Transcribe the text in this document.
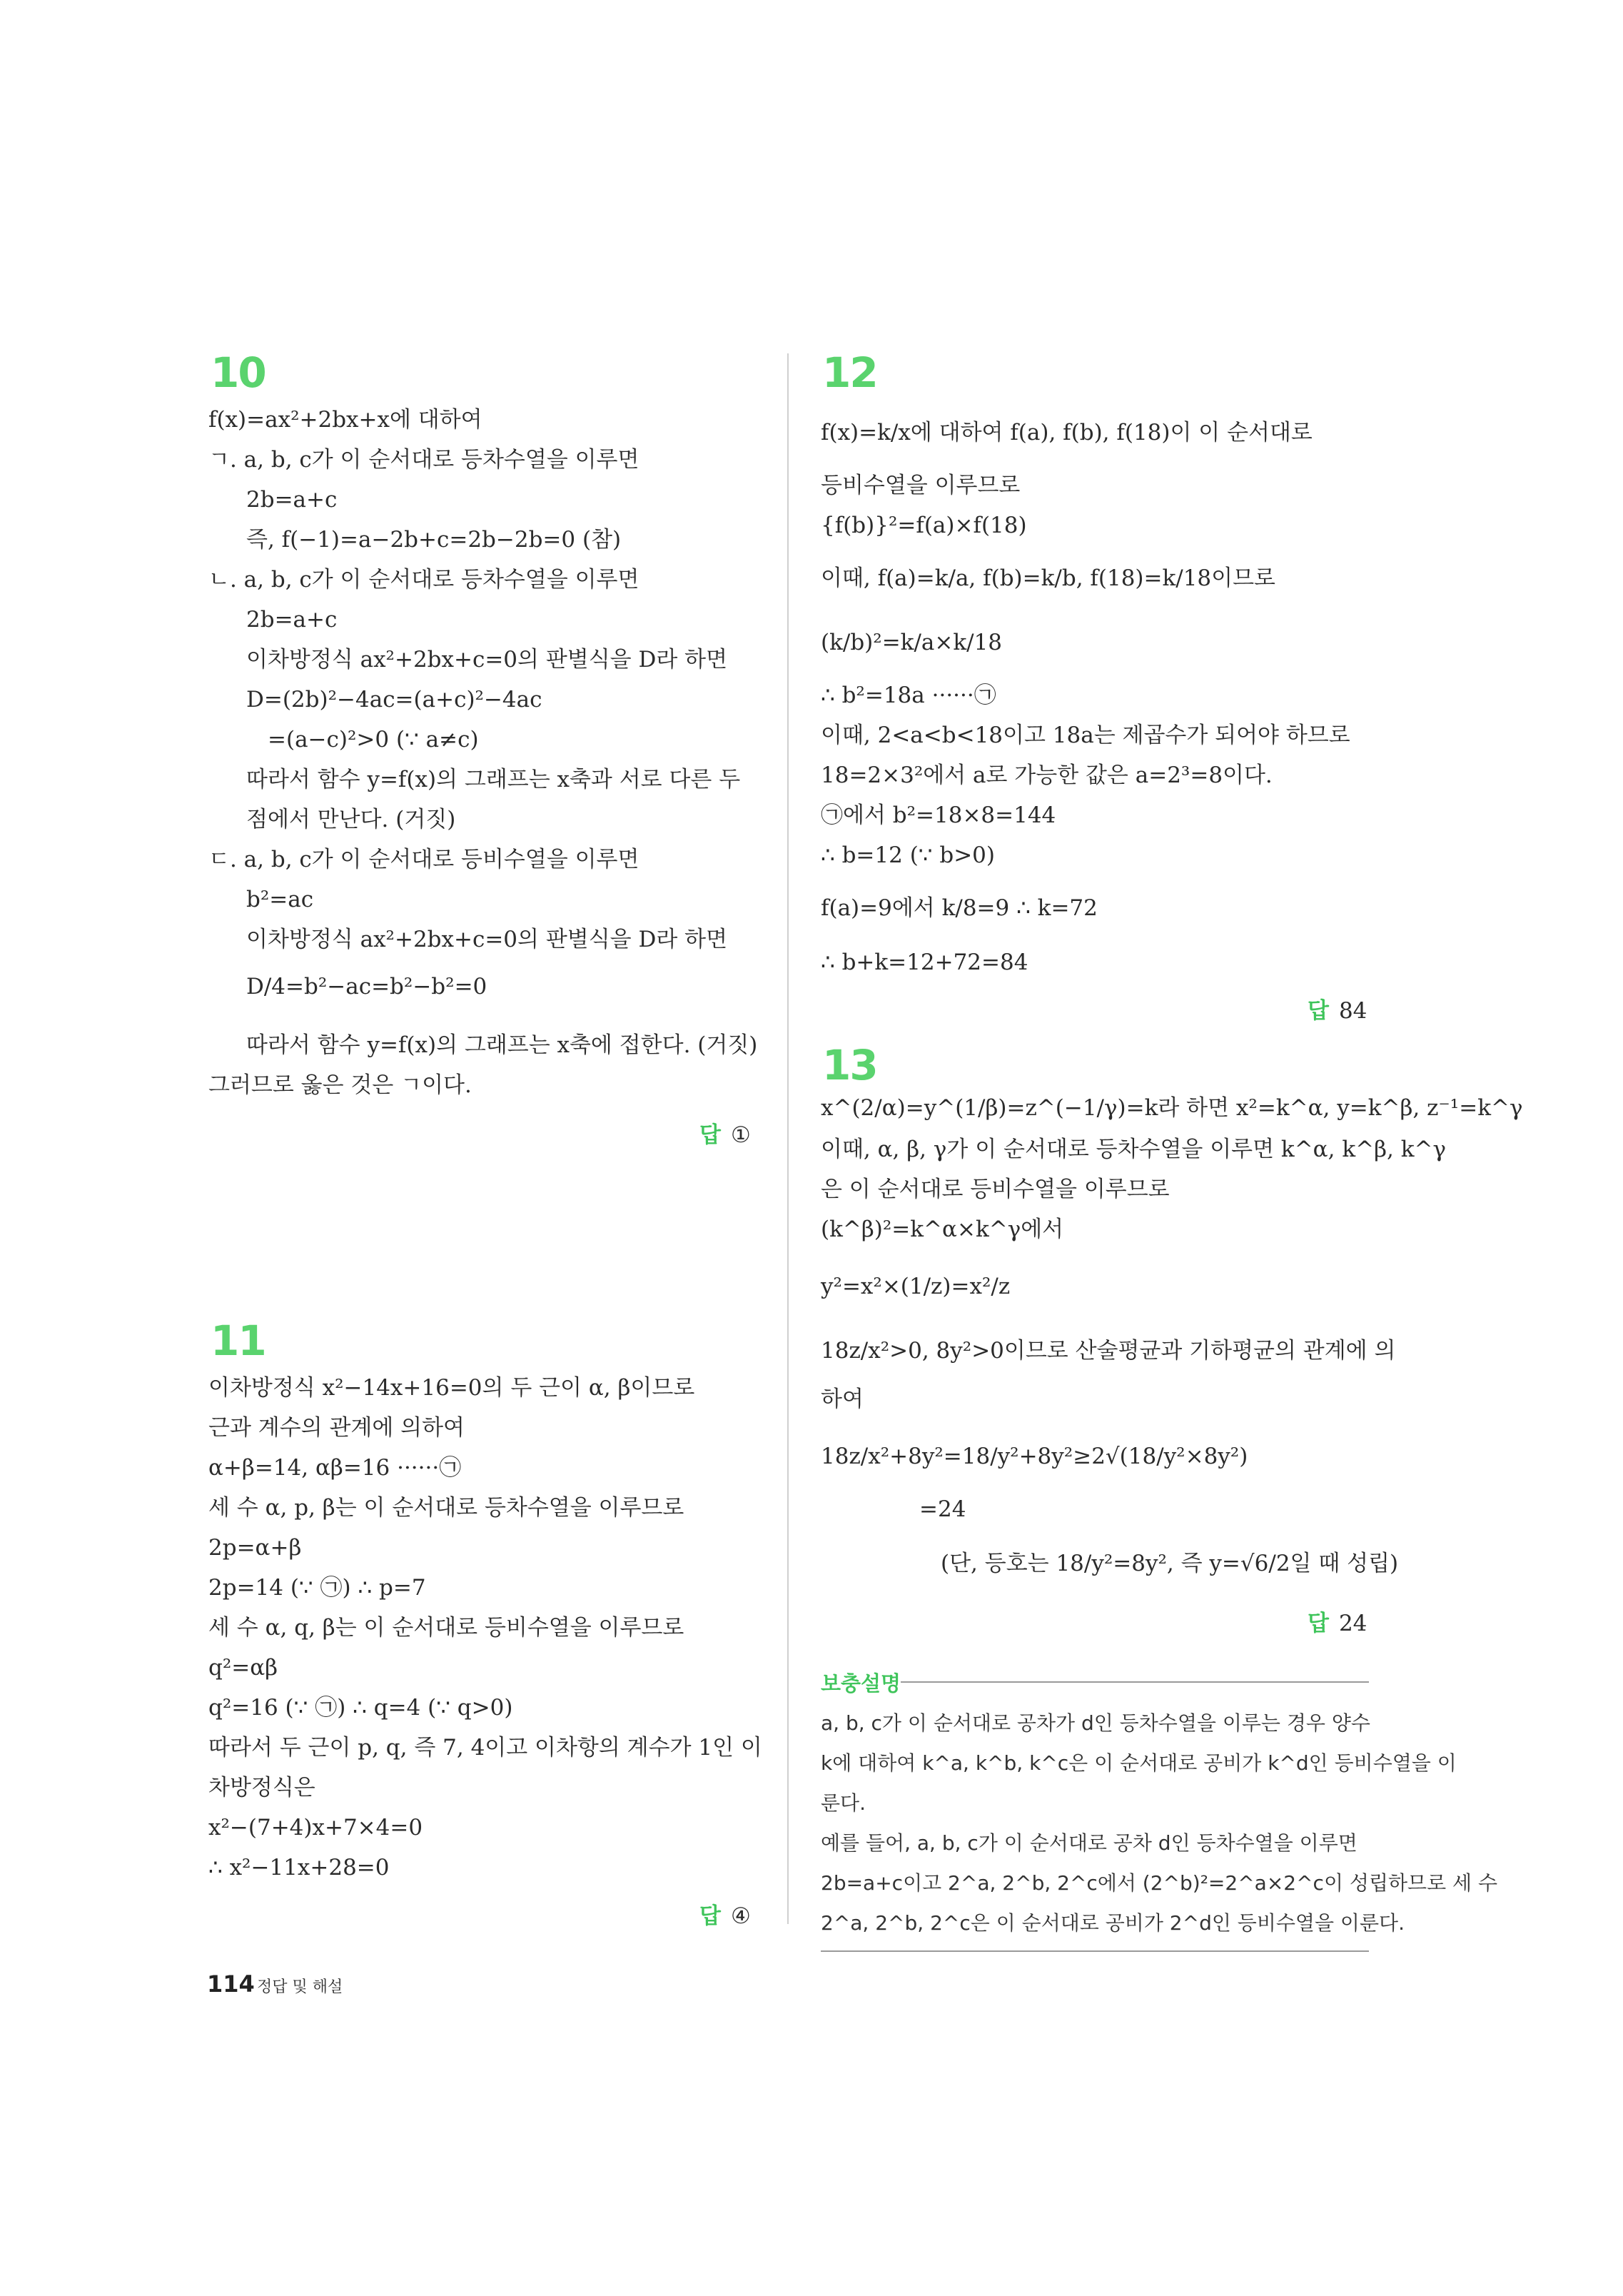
10
f(x)=ax²+2bx+x에 대하여
ㄱ. a, b, c가 이 순서대로 등차수열을 이루면
2b=a+c
즉, f(−1)=a−2b+c=2b−2b=0 (참)
ㄴ. a, b, c가 이 순서대로 등차수열을 이루면
2b=a+c
이차방정식 ax²+2bx+c=0의 판별식을 D라 하면
D=(2b)²−4ac=(a+c)²−4ac
=(a−c)²>0 (∵ a≠c)
따라서 함수 y=f(x)의 그래프는 x축과 서로 다른 두
점에서 만난다. (거짓)
ㄷ. a, b, c가 이 순서대로 등비수열을 이루면
b²=ac
이차방정식 ax²+2bx+c=0의 판별식을 D라 하면
D/4=b²−ac=b²−b²=0
따라서 함수 y=f(x)의 그래프는 x축에 접한다. (거짓)
그러므로 옳은 것은 ㄱ이다.
답 ①
11
이차방정식 x²−14x+16=0의 두 근이 α, β이므로
근과 계수의 관계에 의하여
α+β=14, αβ=16 ······㉠
세 수 α, p, β는 이 순서대로 등차수열을 이루므로
2p=α+β
2p=14 (∵ ㉠) ∴ p=7
세 수 α, q, β는 이 순서대로 등비수열을 이루므로
q²=αβ
q²=16 (∵ ㉠) ∴ q=4 (∵ q>0)
따라서 두 근이 p, q, 즉 7, 4이고 이차항의 계수가 1인 이
차방정식은
x²−(7+4)x+7×4=0
∴ x²−11x+28=0
답 ④
12
f(x)=k/x에 대하여 f(a), f(b), f(18)이 이 순서대로
등비수열을 이루므로
{f(b)}²=f(a)×f(18)
이때, f(a)=k/a, f(b)=k/b, f(18)=k/18이므로
(k/b)²=k/a×k/18
∴ b²=18a ······㉠
이때, 2<a<b<18이고 18a는 제곱수가 되어야 하므로
18=2×3²에서 a로 가능한 값은 a=2³=8이다.
㉠에서 b²=18×8=144
∴ b=12 (∵ b>0)
f(a)=9에서 k/8=9 ∴ k=72
∴ b+k=12+72=84
답 84
13
x^(2/α)=y^(1/β)=z^(−1/γ)=k라 하면 x²=k^α, y=k^β, z⁻¹=k^γ
이때, α, β, γ가 이 순서대로 등차수열을 이루면 k^α, k^β, k^γ
은 이 순서대로 등비수열을 이루므로
(k^β)²=k^α×k^γ에서
y²=x²×(1/z)=x²/z
18z/x²>0, 8y²>0이므로 산술평균과 기하평균의 관계에 의
하여
18z/x²+8y²=18/y²+8y²≥2√(18/y²×8y²)
=24
(단, 등호는 18/y²=8y², 즉 y=√6/2일 때 성립)
답 24
보충설명
a, b, c가 이 순서대로 공차가 d인 등차수열을 이루는 경우 양수
k에 대하여 k^a, k^b, k^c은 이 순서대로 공비가 k^d인 등비수열을 이
룬다.
예를 들어, a, b, c가 이 순서대로 공차 d인 등차수열을 이루면
2b=a+c이고 2^a, 2^b, 2^c에서 (2^b)²=2^a×2^c이 성립하므로 세 수
2^a, 2^b, 2^c은 이 순서대로 공비가 2^d인 등비수열을 이룬다.
114 정답 및 해설
